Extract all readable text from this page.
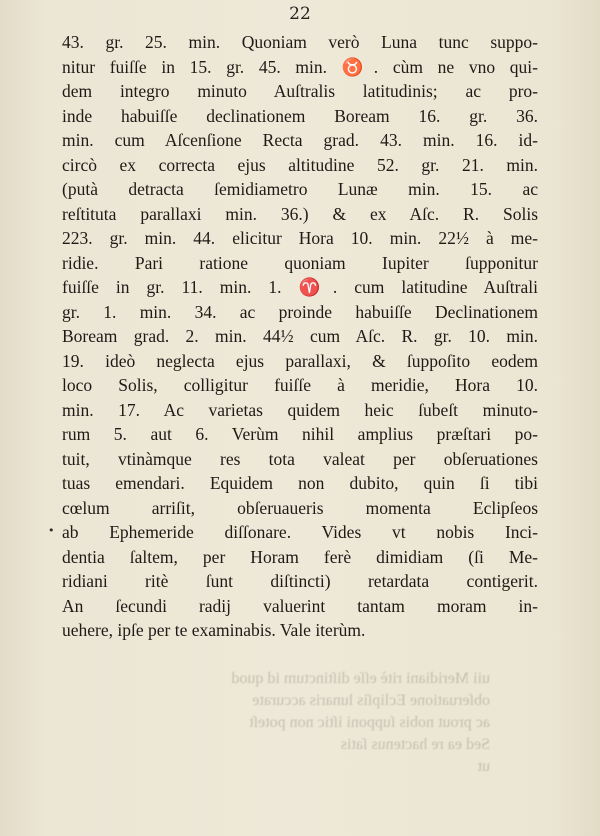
22
43. gr. 25. min. Quoniam verò Luna tunc suppo-
nitur fuiſſe in 15. gr. 45. min. ♉. cùm ne vno qui-
dem integro minuto Auſtralis latitudinis; ac pro-
inde habuiſſe declinationem Boream 16. gr. 36.
min. cum Aſcenſione Recta grad. 43. min. 16. id-
circò ex correcta ejus altitudine 52. gr. 21. min.
(putà detracta ſemidiametro Lunæ min. 15. ac
reſtituta parallaxi min. 36.) & ex Aſc. R. Solis
223. gr. min. 44. elicitur Hora 10. min. 22½ à me-
ridie. Pari ratione quoniam Iupiter ſupponitur
fuiſſe in gr. 11. min. 1. ♈. cum latitudine Auſtrali
gr. 1. min. 34. ac proinde habuiſſe Declinationem
Boream grad. 2. min. 44½ cum Aſc. R. gr. 10. min.
19. ideò neglecta ejus parallaxi, & ſuppoſito eodem
loco Solis, colligitur fuiſſe à meridie, Hora 10.
min. 17. Ac varietas quidem heic ſubeſt minuto-
rum 5. aut 6. Verùm nihil amplius præſtari po-
tuit, vtinàmque res tota valeat per obſeruationes
tuas emendari. Equidem non dubito, quin ſi tibi
cœlum arriſit, obſeruaueris momenta Eclipſeos
ab Ephemeride diſſonare. Vides vt nobis Inci-
dentia ſaltem, per Horam ferè dimidiam (ſi Me-
ridiani ritè ſunt diſtincti) retardata contigerit.
An ſecundi radij valuerint tantam moram in-
uehere, ipſe per te examinabis. Vale iterùm.
•
uii Meridiani ritè eſſe diſtinctum id quod
obſeruatione Eclipſis lunaris accurate
ac prout nobis ſupponi iſtic non poteſt
Sed ea re hactenus ſatis
ut
